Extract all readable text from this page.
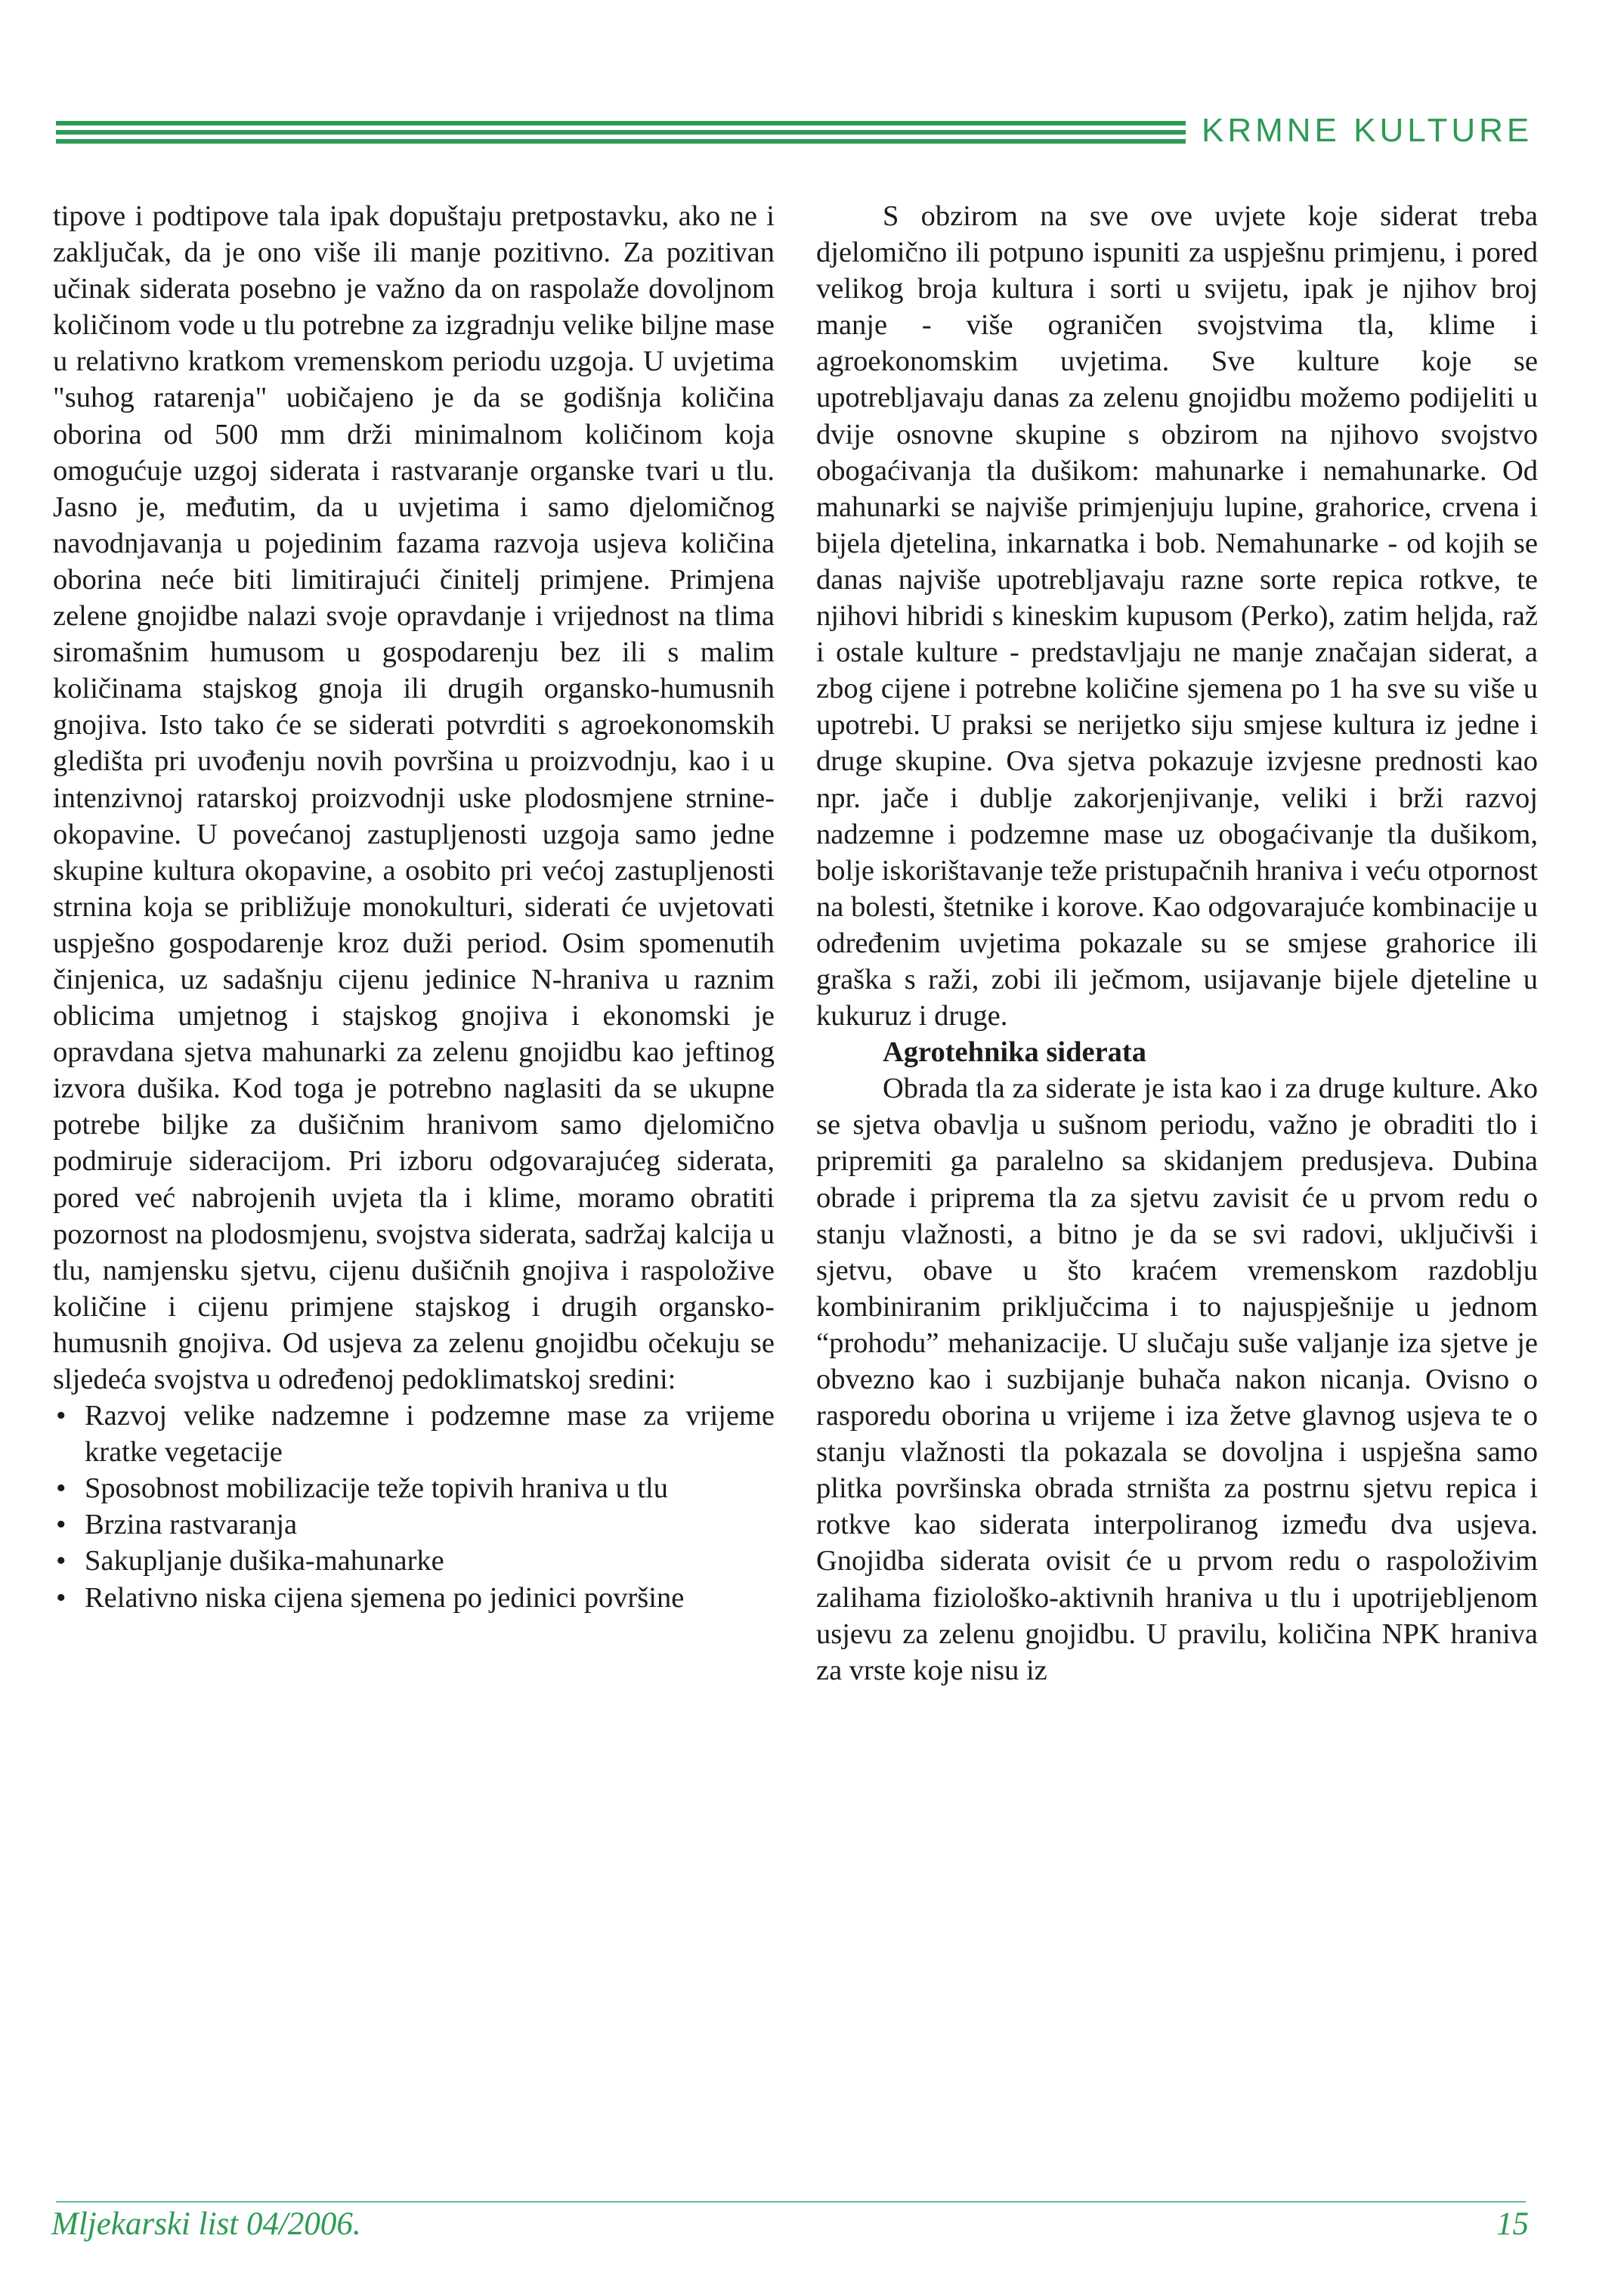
KRMNE KULTURE

tipove i podtipove tala ipak dopuštaju pretpostavku, ako ne i zaključak, da je ono više ili manje pozitivno. Za pozitivan učinak siderata posebno je važno da on raspolaže dovoljnom količinom vode u tlu potrebne za izgradnju velike biljne mase u relativno kratkom vremenskom periodu uzgoja. U uvjetima "suhog ratarenja" uobičajeno je da se godišnja količina oborina od 500 mm drži minimalnom količinom koja omogućuje uzgoj siderata i rastvaranje organske tvari u tlu. Jasno je, međutim, da u uvjetima i samo djelomičnog navodnjavanja u pojedinim fazama razvoja usjeva količina oborina neće biti limitirajući činitelj primjene. Primjena zelene gnojidbe nalazi svoje opravdanje i vrijednost na tlima siromašnim humusom u gospodarenju bez ili s malim količinama stajskog gnoja ili drugih organsko-humusnih gnojiva. Isto tako će se siderati potvrditi s agroekonomskih gledišta pri uvođenju novih površina u proizvodnju, kao i u intenzivnoj ratarskoj proizvodnji uske plodosmjene strninе-okopavine. U povećanoj zastupljenosti uzgoja samo jedne skupine kultura okopavine, a osobito pri većoj zastupljenosti strnina koja se približuje monokulturi, siderati će uvjetovati uspješno gospodarenje kroz duži period. Osim spomenutih činjenica, uz sadašnju cijenu jedinice N-hraniva u raznim oblicima umjetnog i stajskog gnojiva i ekonomski je opravdana sjetva mahunarki za zelenu gnojidbu kao jeftinog izvora dušika. Kod toga je potrebno naglasiti da se ukupne potrebe biljke za dušičnim hranivom samo djelomično podmiruje sideracijom. Pri izboru odgovarajućeg siderata, pored već nabrojenih uvjeta tla i klime, moramo obratiti pozornost na plodosmjenu, svojstva siderata, sadržaj kalcija u tlu, namjensku sjetvu, cijenu dušičnih gnojiva i raspoložive količine i cijenu primjene stajskog i drugih organsko-humusnih gnojiva. Od usjeva za zelenu gnojidbu očekuju se sljedeća svojstva u određenoj pedoklimatskoj sredini:

• Razvoj velike nadzemne i podzemne mase za vrijeme kratke vegetacije
• Sposobnost mobilizacije teže topivih hraniva u tlu
• Brzina rastvaranja
• Sakupljanje dušika-mahunarke
• Relativno niska cijena sjemena po jedinici površine

S obzirom na sve ove uvjete koje siderat treba djelomično ili potpuno ispuniti za uspješnu primjenu, i pored velikog broja kultura i sorti u svijetu, ipak je njihov broj manje - više ograničen svojstvima tla, klime i agroekonomskim uvjetima. Sve kulture koje se upotrebljavaju danas za zelenu gnojidbu možemo podijeliti u dvije osnovne skupine s obzirom na njihovo svojstvo obogaćivanja tla dušikom: mahunarke i nemahunarke. Od mahunarki se najviše primjenjuju lupine, grahorice, crvena i bijela djetelina, inkarnatka i bob. Nemahunarke - od kojih se danas najviše upotrebljavaju razne sorte repica rotkve, te njihovi hibridi s kineskim kupusom (Perko), zatim heljda, raž i ostale kulture - predstavljaju ne manje značajan siderat, a zbog cijene i potrebne količine sjemena po 1 ha sve su više u upotrebi. U praksi se nerijetko siju smjese kultura iz jedne i druge skupine. Ova sjetva pokazuje izvjesne prednosti kao npr. jače i dublje zakorjenjivanje, veliki i brži razvoj nadzemne i podzemne mase uz obogaćivanje tla dušikom, bolje iskorištavanje teže pristupačnih hraniva i veću otpornost na bolesti, štetnike i korove. Kao odgovarajuće kombinacije u određenim uvjetima pokazale su se smjese grahorice ili graška s raži, zobi ili ječmom, usijavanje bijele djeteline u kukuruz i druge.

Agrotehnika siderata

Obrada tla za siderate je ista kao i za druge kulture. Ako se sjetva obavlja u sušnom periodu, važno je obraditi tlo i pripremiti ga paralelno sa skidanjem predusjeva. Dubina obrade i priprema tla za sjetvu zavisit će u prvom redu o stanju vlažnosti, a bitno je da se svi radovi, uključivši i sjetvu, obave u što kraćem vremenskom razdoblju kombiniranim priključcima i to najuspješnije u jednom “prohodu” mehanizacije. U slučaju suše valjanje iza sjetve je obvezno kao i suzbijanje buhača nakon nicanja. Ovisno o rasporedu oborina u vrijeme i iza žetve glavnog usjeva te o stanju vlažnosti tla pokazala se dovoljna i uspješna samo plitka površinska obrada strništa za postrnu sjetvu repica i rotkve kao siderata interpoliranog između dva usjeva. Gnojidba siderata ovisit će u prvom redu o raspoloživim zalihama fiziološko-aktivnih hraniva u tlu i upotrijebljenom usjevu za zelenu gnojidbu. U pravilu, količina NPK hraniva za vrste koje nisu iz

Mljekarski list 04/2006.	15
